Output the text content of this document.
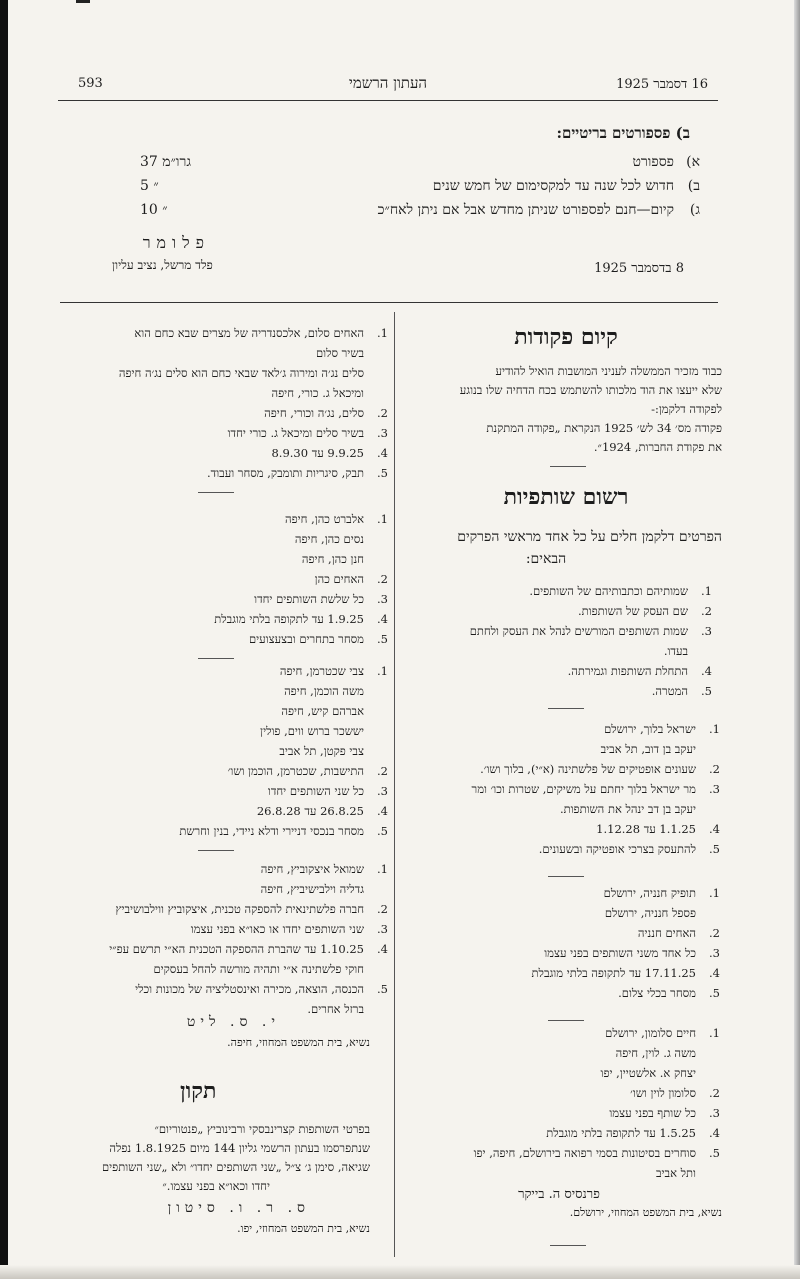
593	העתון הרשמי	16 דסמבר 1925
ב) פספורטים בריטיים:
א)
פספורט
37 גרו״מ
ב)
חדוש לכל שנה עד למקסימום של חמש שנים
5 ״
ג)
קיום—חנם לפספורט שניתן מחדש אבל אם ניתן לאח״כ
10 ״
פלומר
פלד מרשל, נציב עליון	8 בדסמבר 1925
קיום פקודות
כבוד מזכיר הממשלה לעניני המושבות הואיל להודיע
שלא ייעצו את הוד מלכותו להשתמש בכח הדחיה שלו בנוגע
לפקודה דלקמן:-
פקודה מס׳ 34 לש׳ 1925 הנקראת „פקודה המתקנת
את פקודת החברות, 1924״.
רשום שותפיות
הפרטים דלקמן חלים על כל אחד מראשי הפרקים
הבאים:
1.
שמותיהם וכתבותיהם של השותפים.
2.
שם העסק של השותפות.
3.
שמות השותפים המורשים לנהל את העסק ולחתם
בעדו.
4.
התחלת השותפות וגמירתה.
5.
המטרה.
1.
ישראל בלוך, ירושלם
יעקב בן דוב, תל אביב
2.
שעונים אופטיקים של פלשתינה (א״י), בלוך ושו׳.
3.
מר ישראל בלוך יחתם על משיקים, שטרות וכו׳ ומר
יעקב בן דב ינהל את השותפות.
4.
1.1.25 עד 1.12.28
5.
להתעסק בצרכי אופטיקה ובשעונים.
1.
תופיק חנניה, ירושלם
פספל חנניה, ירושלם
2.
האחים חנניה
3.
כל אחד משני השותפים בפני עצמו
4.
17.11.25 עד לתקופה בלתי מוגבלת
5.
מסחר בכלי צלום.
1.
חיים סלומון, ירושלם
משה ג. לוין, חיפה
יצחק א. אלשטיין, יפו
2.
סלומון לוין ושו׳
3.
כל שותף בפני עצמו
4.
1.5.25 עד לתקופה בלתי מוגבלת
5.
סוחרים בסיטונות בסמי רפואה בירושלם, חיפה, יפו
ותל אביב
1.
האחים סלום, אלכסנדריה של מצרים שבא כחם הוא
בשיר סלום
סלים נג׳ה ומירוה ג׳לאד שבאי כחם הוא סלים נג׳ה חיפה
ומיכאל ג. כורי, חיפה
2.
סלים, נג׳ה וכורי, חיפה
3.
בשיר סלים ומיכאל ג. כורי יחדו
4.
9.9.25 עד 8.9.30
5.
תבק, סיגריות ותומבק, מסחר ועבוד.
1.
אלברט כהן, חיפה
נסים כהן, חיפה
חנן כהן, חיפה
2.
האחים כהן
3.
כל שלשת השותפים יחדו
4.
1.9.25 עד לתקופה בלתי מוגבלת
5.
מסחר בתחרים ובצעצועים
1.
צבי שכטרמן, חיפה
משה הוכמן, חיפה
אברהם קיש, חיפה
יששכר ברוש ווים, פולין
צבי פקטן, תל אביב
2.
התישבות, שכטרמן, הוכמן ושו׳
3.
כל שני השותפים יחדו
4.
26.8.25 עד 26.8.28
5.
מסחר בנכסי דניירי ודלא ניידי, בנין וחרשת
1.
שמואל איצקוביץ, חיפה
גדליה וילבישיביץ, חיפה
2.
חברה פלשתינאית להספקה טכנית, איצקוביץ ווילבושיביץ
3.
שני השותפים יחדו או כאו״א בפני עצמו
4.
1.10.25 עד שהברת ההספקה הטכנית הא״י תרשם עפ״י
חוקי פלשתינה א״י ותהיה מורשה להחל בעסקים
5.
הכנסה, הוצאה, מכירה ואינסטליציה של מכונות וכלי
ברזל אחרים.
י. ס. ליט
נשיא, בית המשפט המחוזי, חיפה.
תקון
בפרטי השותפות קצרינבסקי ורבינוביץ „פנטוריום״
שנתפרסמו בעתון הרשמי גליון 144 מיום 1.8.1925 נפלה
שגיאה, סימן ג׳ צ״ל „שני השותפים יחדו״ ולא „שני השותפים
יחדו וכאו״א בפני עצמו.״
ס. ר. ו. סיטון
נשיא, בית המשפט המחוזי, יפו.
פרנסיס ה. בייקר
נשיא, בית המשפט המחוזי, ירושלם.
